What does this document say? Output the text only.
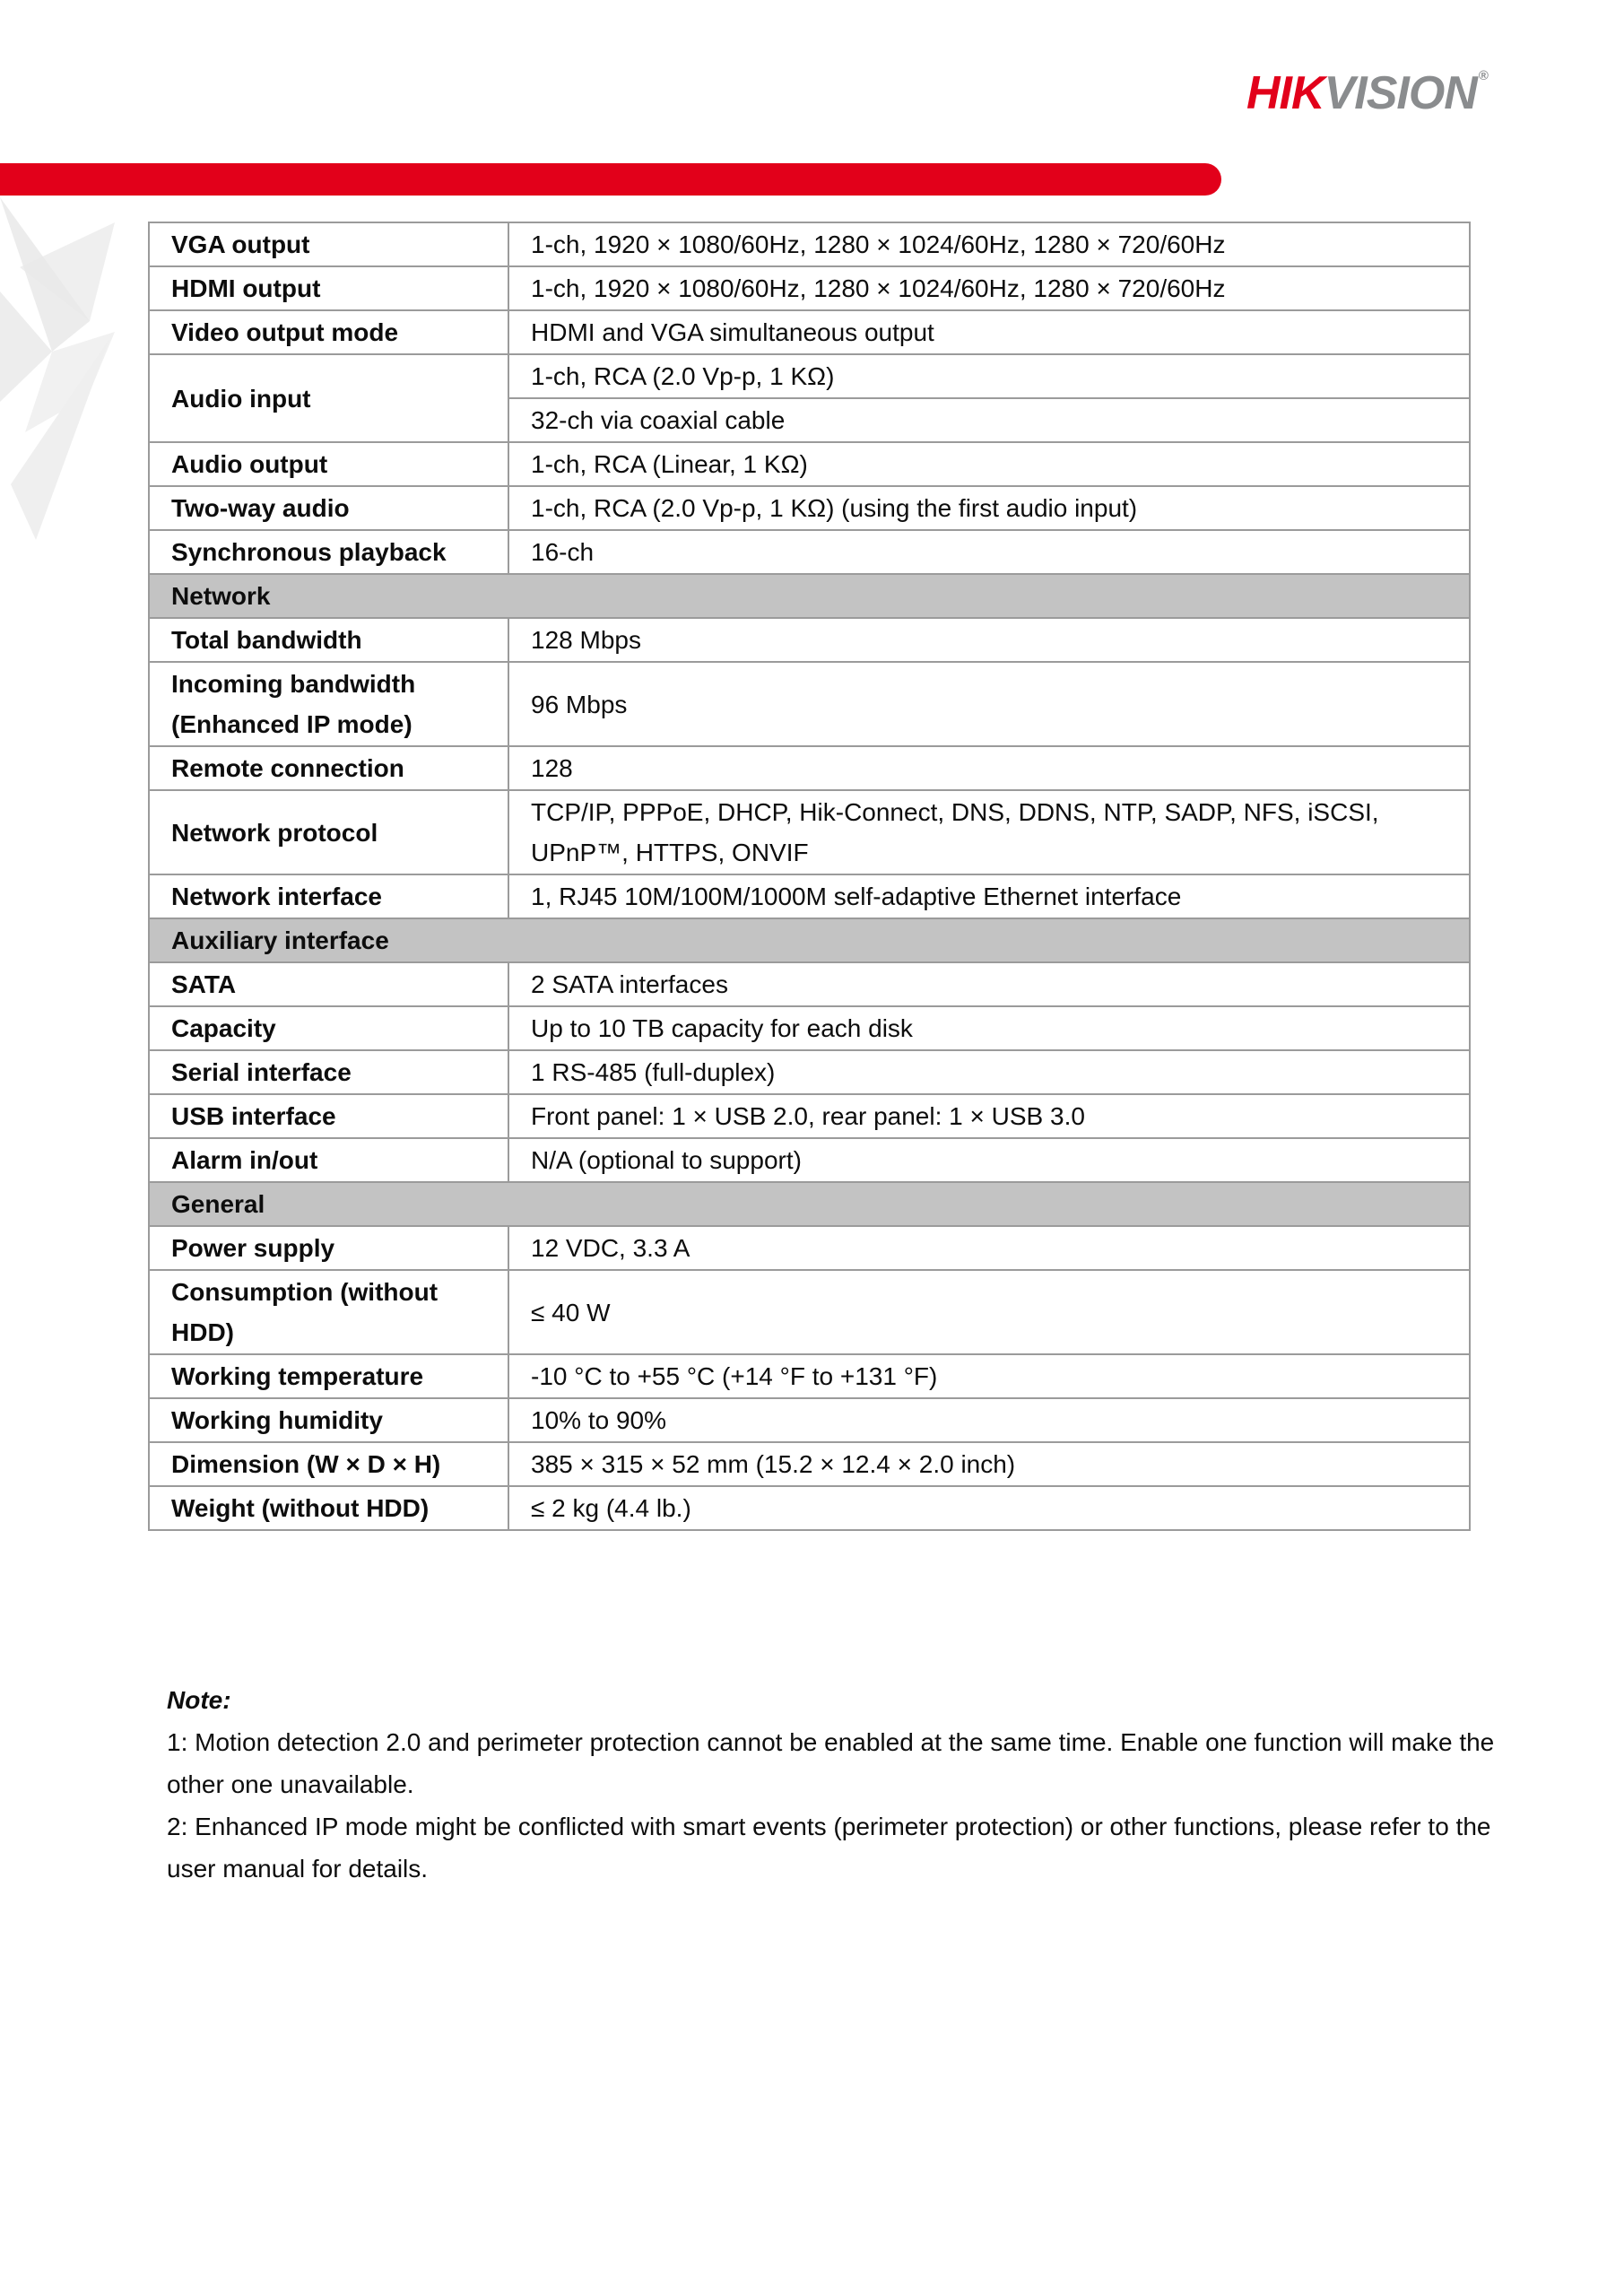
HIKVISION ®
VGA output	1-ch, 1920 × 1080/60Hz, 1280 × 1024/60Hz, 1280 × 720/60Hz
HDMI output	1-ch, 1920 × 1080/60Hz, 1280 × 1024/60Hz, 1280 × 720/60Hz
Video output mode	HDMI and VGA simultaneous output
Audio input	1-ch, RCA (2.0 Vp-p, 1 KΩ)
	32-ch via coaxial cable
Audio output	1-ch, RCA (Linear, 1 KΩ)
Two-way audio	1-ch, RCA (2.0 Vp-p, 1 KΩ) (using the first audio input)
Synchronous playback	16-ch
Network	
Total bandwidth	128 Mbps
Incoming bandwidth (Enhanced IP mode)	96 Mbps
Remote connection	128
Network protocol	TCP/IP, PPPoE, DHCP, Hik-Connect, DNS, DDNS, NTP, SADP, NFS, iSCSI, UPnP™, HTTPS, ONVIF
Network interface	1, RJ45 10M/100M/1000M self-adaptive Ethernet interface
Auxiliary interface	
SATA	2 SATA interfaces
Capacity	Up to 10 TB capacity for each disk
Serial interface	1 RS-485 (full-duplex)
USB interface	Front panel: 1 × USB 2.0, rear panel: 1 × USB 3.0
Alarm in/out	N/A (optional to support)
General	
Power supply	12 VDC, 3.3 A
Consumption (without HDD)	≤ 40 W
Working temperature	-10 °C to +55 °C (+14 °F to +131 °F)
Working humidity	10% to 90%
Dimension (W × D × H)	385 × 315 × 52 mm (15.2 × 12.4 × 2.0 inch)
Weight (without HDD)	≤ 2 kg (4.4 lb.)
Note:
1: Motion detection 2.0 and perimeter protection cannot be enabled at the same time. Enable one function will make the other one unavailable.
2: Enhanced IP mode might be conflicted with smart events (perimeter protection) or other functions, please refer to the user manual for details.
